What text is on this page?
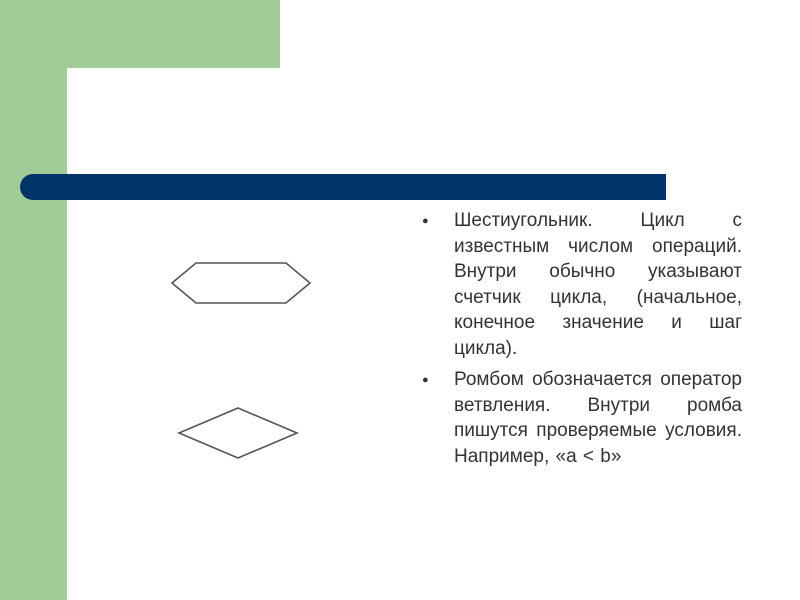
● Шестиугольник. Цикл с известным числом операций. Внутри обычно указывают счетчик цикла, (начальное, конечное значение и шаг цикла).
● Ромбом обозначается оператор ветвления. Внутри ромба пишутся проверяемые условия. Например, «a < b»
